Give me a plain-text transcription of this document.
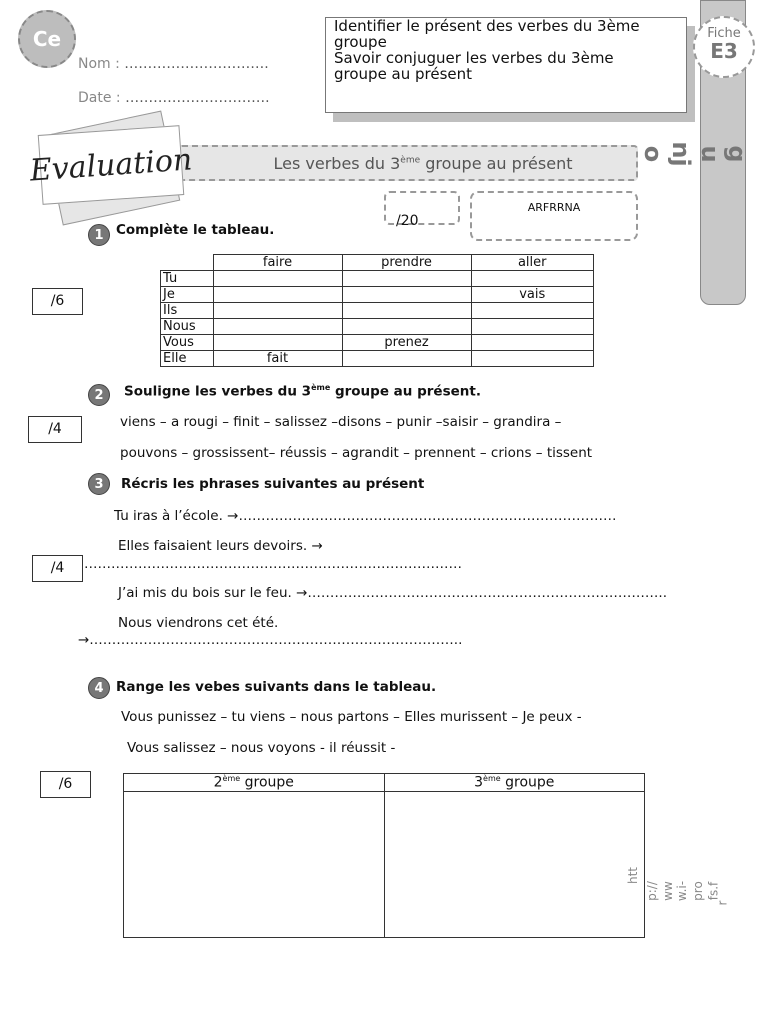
Ce
Nom : ………………………….
Date : ………………………….
Identifier le présent des verbes du 3ème
groupe
Savoir conjuguer les verbes du 3ème
groupe au présent
Fiche
E3
onjug
Les verbes du 3ème groupe au présent
Evaluation
/20
ARFRRNA
1 Complète le tableau.
/6
	faire	prendre	aller
Tu			
Je			vais
Ils			
Nous			
Vous		prenez	
Elle	fait		
2 Souligne les verbes du 3ème groupe au présent.
/4	viens – a rougi – finit – salissez –disons – punir –saisir – grandira –
pouvons – grossissent– réussis – agrandit – prennent – crions – tissent
3 Récris les phrases suivantes au présent
Tu iras à l’école. →…………………………………………………………………………
Elles faisaient leurs devoirs. →
/4	…………………………………………………………………………
J’ai mis du bois sur le feu. →……………………………………………………………………..
Nous viendrons cet été.
→………………………………………………………………………..
4 Range les vebes suivants dans le tableau.
Vous punissez – tu viens – nous partons – Elles murissent – Je peux -
Vous salissez – nous voyons - il réussit -
/6	2ème groupe	3ème groupe

htt
p:// ww w.i- pro fs.f
r
